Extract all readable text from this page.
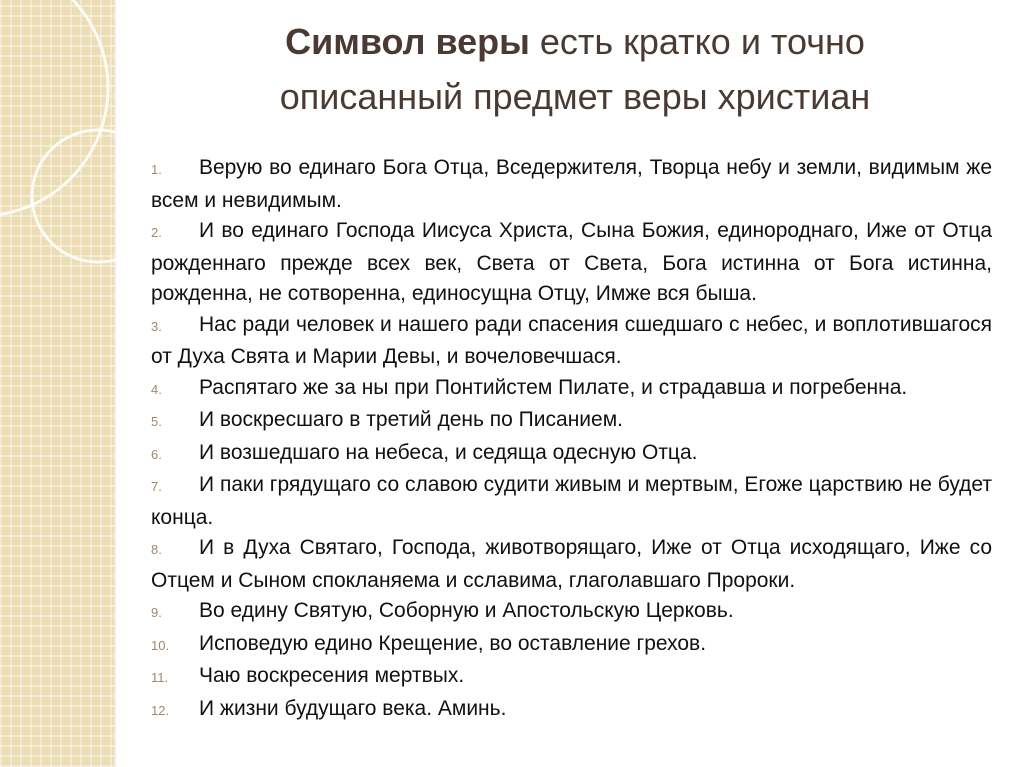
Символ веры есть кратко и точно
описанный предмет веры христиан
1. Верую во единаго Бога Отца, Вседержителя, Творца небу и земли, видимым же всем и невидимым.
2. И во единаго Господа Иисуса Христа, Сына Божия, единороднаго, Иже от Отца рожденнаго прежде всех век, Света от Света, Бога истинна от Бога истинна, рожденна, не сотворенна, единосущна Отцу, Имже вся быша.
3. Нас ради человек и нашего ради спасения сшедшаго с небес, и воплотившагося от Духа Свята и Марии Девы, и вочеловечшася.
4. Распятаго же за ны при Понтийстем Пилате, и страдавша и погребенна.
5. И воскресшаго в третий день по Писанием.
6. И возшедшаго на небеса, и седяща одесную Отца.
7. И паки грядущаго со славою судити живым и мертвым, Егоже царствию не будет конца.
8. И в Духа Святаго, Господа, животворящаго, Иже от Отца исходящаго, Иже со Отцем и Сыном спокланяема и сславима, глаголавшаго Пророки.
9. Во едину Святую, Соборную и Апостольскую Церковь.
10. Исповедую едино Крещение, во оставление грехов.
11. Чаю воскресения мертвых.
12. И жизни будущаго века. Аминь.
